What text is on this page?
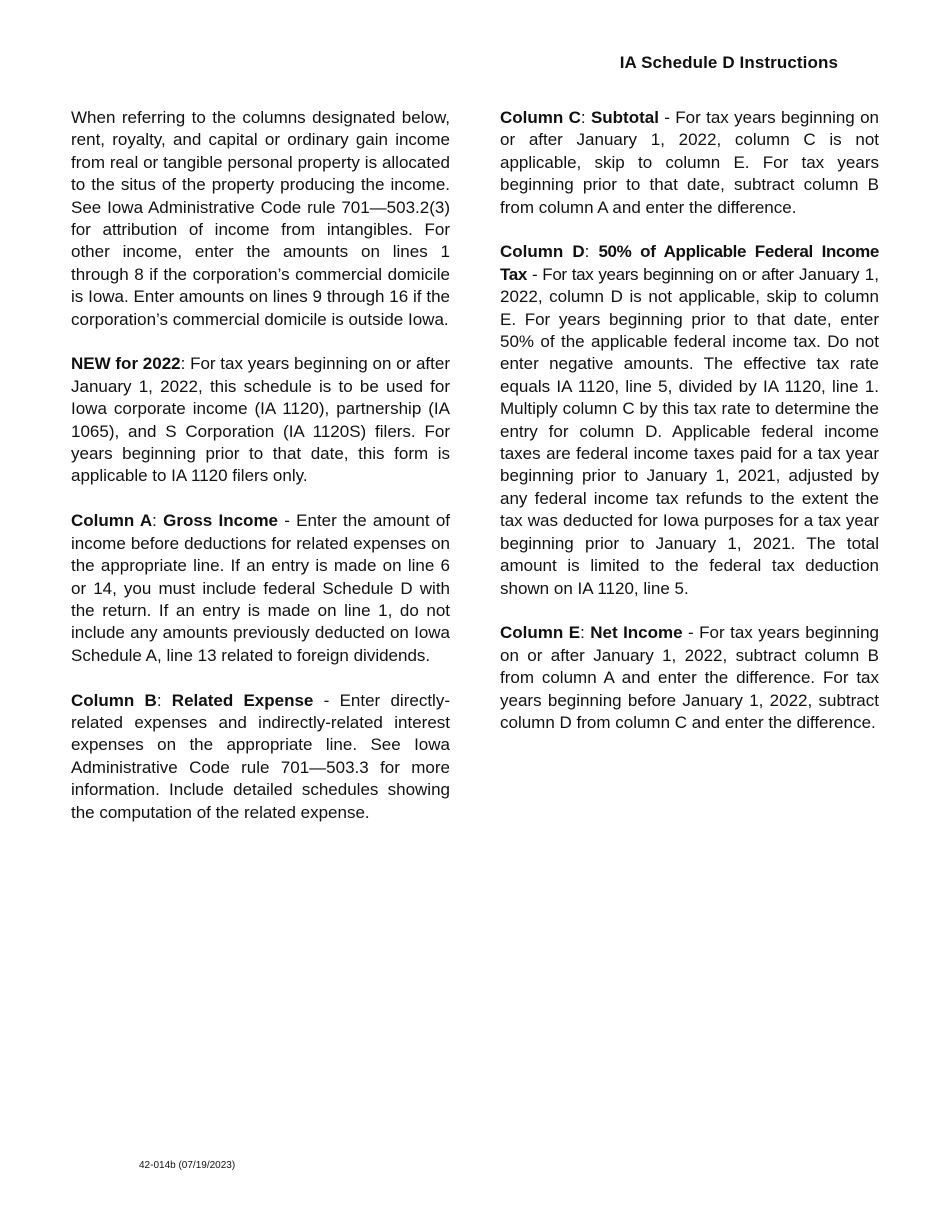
IA Schedule D Instructions

When referring to the columns designated below, rent, royalty, and capital or ordinary gain income from real or tangible personal property is allocated to the situs of the property producing the income. See Iowa Administrative Code rule 701—503.2(3) for attribution of income from intangibles. For other income, enter the amounts on lines 1 through 8 if the corporation’s commercial domicile is Iowa. Enter amounts on lines 9 through 16 if the corporation’s commercial domicile is outside Iowa.

NEW for 2022: For tax years beginning on or after January 1, 2022, this schedule is to be used for Iowa corporate income (IA 1120), partnership (IA 1065), and S Corporation (IA 1120S) filers. For years beginning prior to that date, this form is applicable to IA 1120 filers only.

Column A: Gross Income - Enter the amount of income before deductions for related expenses on the appropriate line. If an entry is made on line 6 or 14, you must include federal Schedule D with the return. If an entry is made on line 1, do not include any amounts previously deducted on Iowa Schedule A, line 13 related to foreign dividends.

Column B: Related Expense - Enter directly-related expenses and indirectly-related interest expenses on the appropriate line. See Iowa Administrative Code rule 701—503.3 for more information. Include detailed schedules showing the computation of the related expense.

Column C: Subtotal - For tax years beginning on or after January 1, 2022, column C is not applicable, skip to column E. For tax years beginning prior to that date, subtract column B from column A and enter the difference.

Column D: 50% of Applicable Federal Income Tax - For tax years beginning on or after January 1, 2022, column D is not applicable, skip to column E. For years beginning prior to that date, enter 50% of the applicable federal income tax. Do not enter negative amounts. The effective tax rate equals IA 1120, line 5, divided by IA 1120, line 1. Multiply column C by this tax rate to determine the entry for column D. Applicable federal income taxes are federal income taxes paid for a tax year beginning prior to January 1, 2021, adjusted by any federal income tax refunds to the extent the tax was deducted for Iowa purposes for a tax year beginning prior to January 1, 2021. The total amount is limited to the federal tax deduction shown on IA 1120, line 5.

Column E: Net Income - For tax years beginning on or after January 1, 2022, subtract column B from column A and enter the difference. For tax years beginning before January 1, 2022, subtract column D from column C and enter the difference.

42-014b (07/19/2023)
